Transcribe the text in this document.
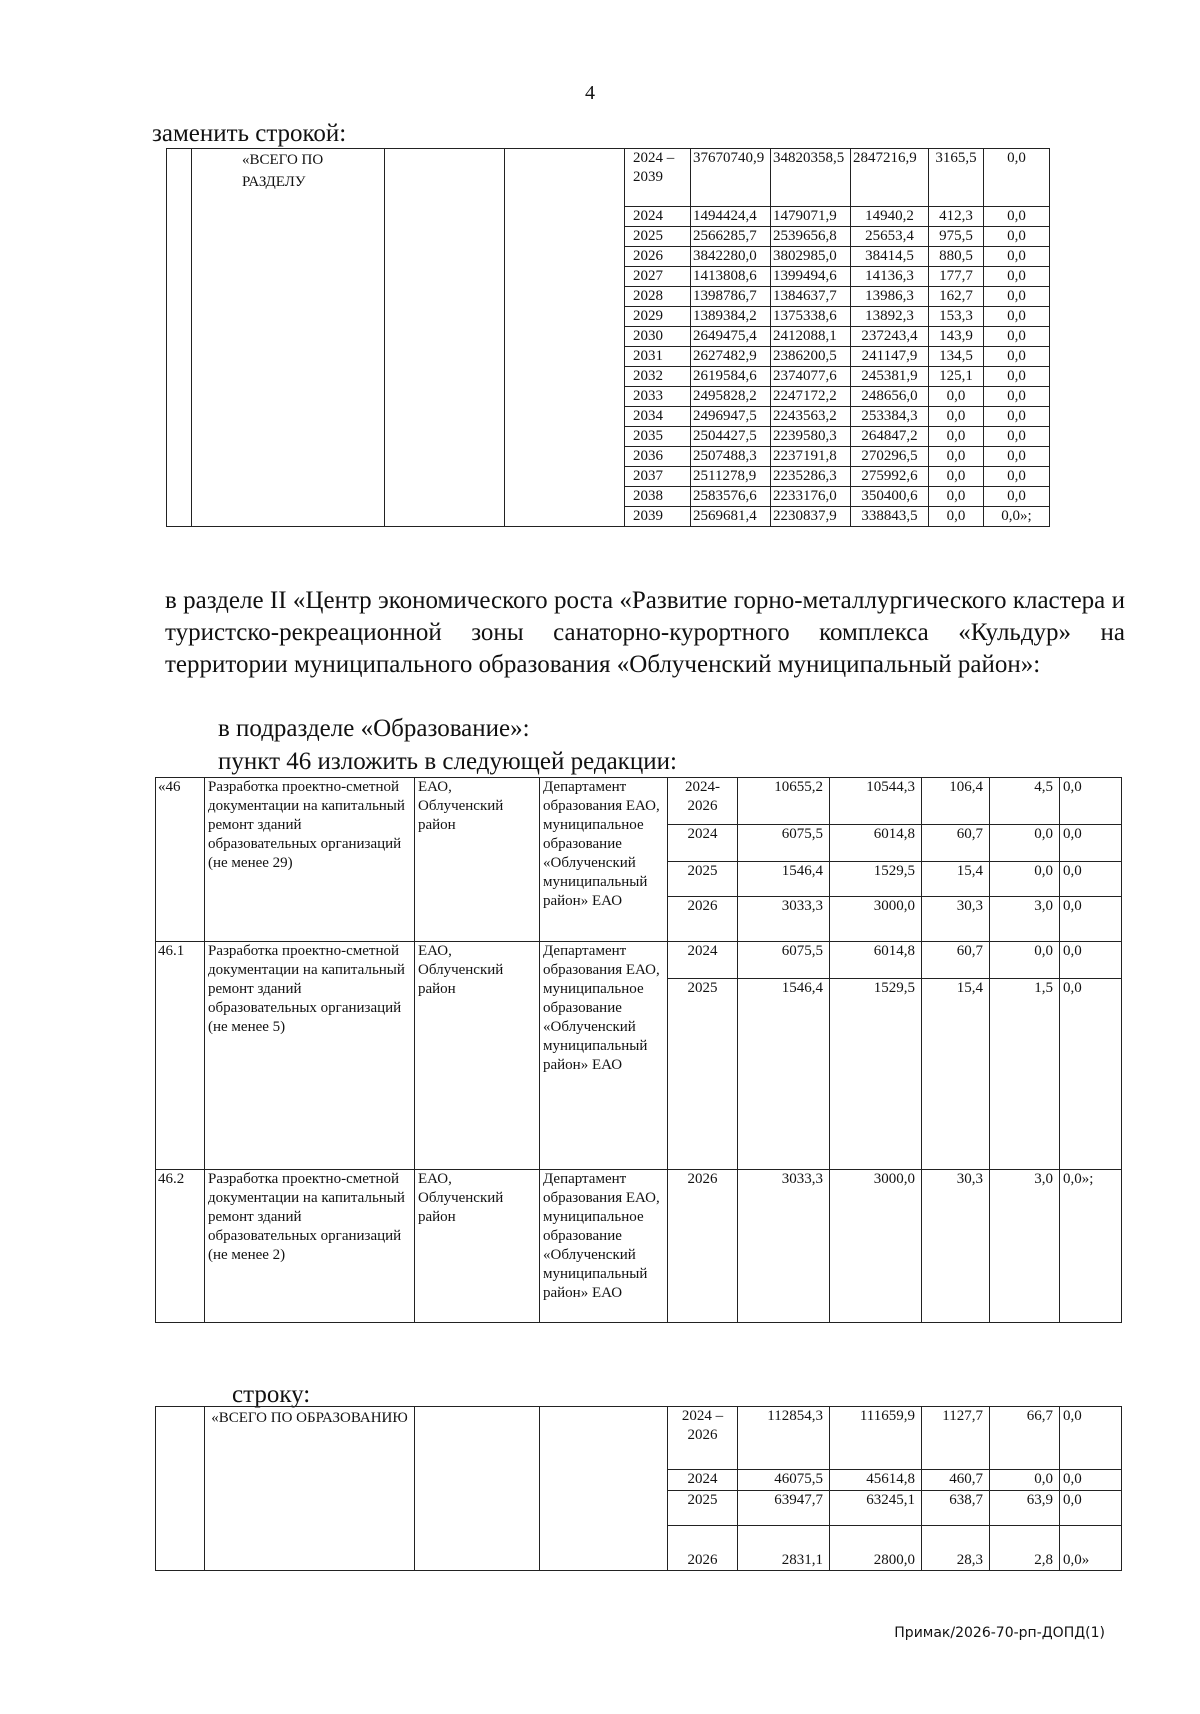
4
заменить строкой:
	«ВСЕГО ПО РАЗДЕЛУ			2024 – 2039	37670740,9	34820358,5	2847216,9	3165,5	0,0
				2024	1494424,4	1479071,9	14940,2	412,3	0,0
				2025	2566285,7	2539656,8	25653,4	975,5	0,0
				2026	3842280,0	3802985,0	38414,5	880,5	0,0
				2027	1413808,6	1399494,6	14136,3	177,7	0,0
				2028	1398786,7	1384637,7	13986,3	162,7	0,0
				2029	1389384,2	1375338,6	13892,3	153,3	0,0
				2030	2649475,4	2412088,1	237243,4	143,9	0,0
				2031	2627482,9	2386200,5	241147,9	134,5	0,0
				2032	2619584,6	2374077,6	245381,9	125,1	0,0
				2033	2495828,2	2247172,2	248656,0	0,0	0,0
				2034	2496947,5	2243563,2	253384,3	0,0	0,0
				2035	2504427,5	2239580,3	264847,2	0,0	0,0
				2036	2507488,3	2237191,8	270296,5	0,0	0,0
				2037	2511278,9	2235286,3	275992,6	0,0	0,0
				2038	2583576,6	2233176,0	350400,6	0,0	0,0
				2039	2569681,4	2230837,9	338843,5	0,0	0,0»;
в разделе II «Центр экономического роста «Развитие горно-металлургического кластера и туристско-рекреационной зоны санаторно-курортного комплекса «Кульдур» на территории муниципального образования «Облученский муниципальный район»:
в подразделе «Образование»:
пункт 46 изложить в следующей редакции:
«46	Разработка проектно-сметной документации на капитальный ремонт зданий образовательных организаций (не менее 29)	ЕАО, Облученский район	Департамент образования ЕАО, муниципальное образование «Облученский муниципальный район» ЕАО	2024-2026	10655,2	10544,3	106,4	4,5	0,0
				2024	6075,5	6014,8	60,7	0,0	0,0
				2025	1546,4	1529,5	15,4	0,0	0,0
				2026	3033,3	3000,0	30,3	3,0	0,0
46.1	Разработка проектно-сметной документации на капитальный ремонт зданий образовательных организаций (не менее 5)	ЕАО, Облученский район	Департамент образования ЕАО, муниципальное образование «Облученский муниципальный район» ЕАО	2024	6075,5	6014,8	60,7	0,0	0,0
				2025	1546,4	1529,5	15,4	1,5	0,0
46.2	Разработка проектно-сметной документации на капитальный ремонт зданий образовательных организаций (не менее 2)	ЕАО, Облученский район	Департамент образования ЕАО, муниципальное образование «Облученский муниципальный район» ЕАО	2026	3033,3	3000,0	30,3	3,0	0,0»;
строку:
	«ВСЕГО ПО ОБРАЗОВАНИЮ			2024 – 2026	112854,3	111659,9	1127,7	66,7	0,0
				2024	46075,5	45614,8	460,7	0,0	0,0
				2025	63947,7	63245,1	638,7	63,9	0,0
				2026	2831,1	2800,0	28,3	2,8	0,0»
Примак/2026-70-рп-ДОПД(1)
